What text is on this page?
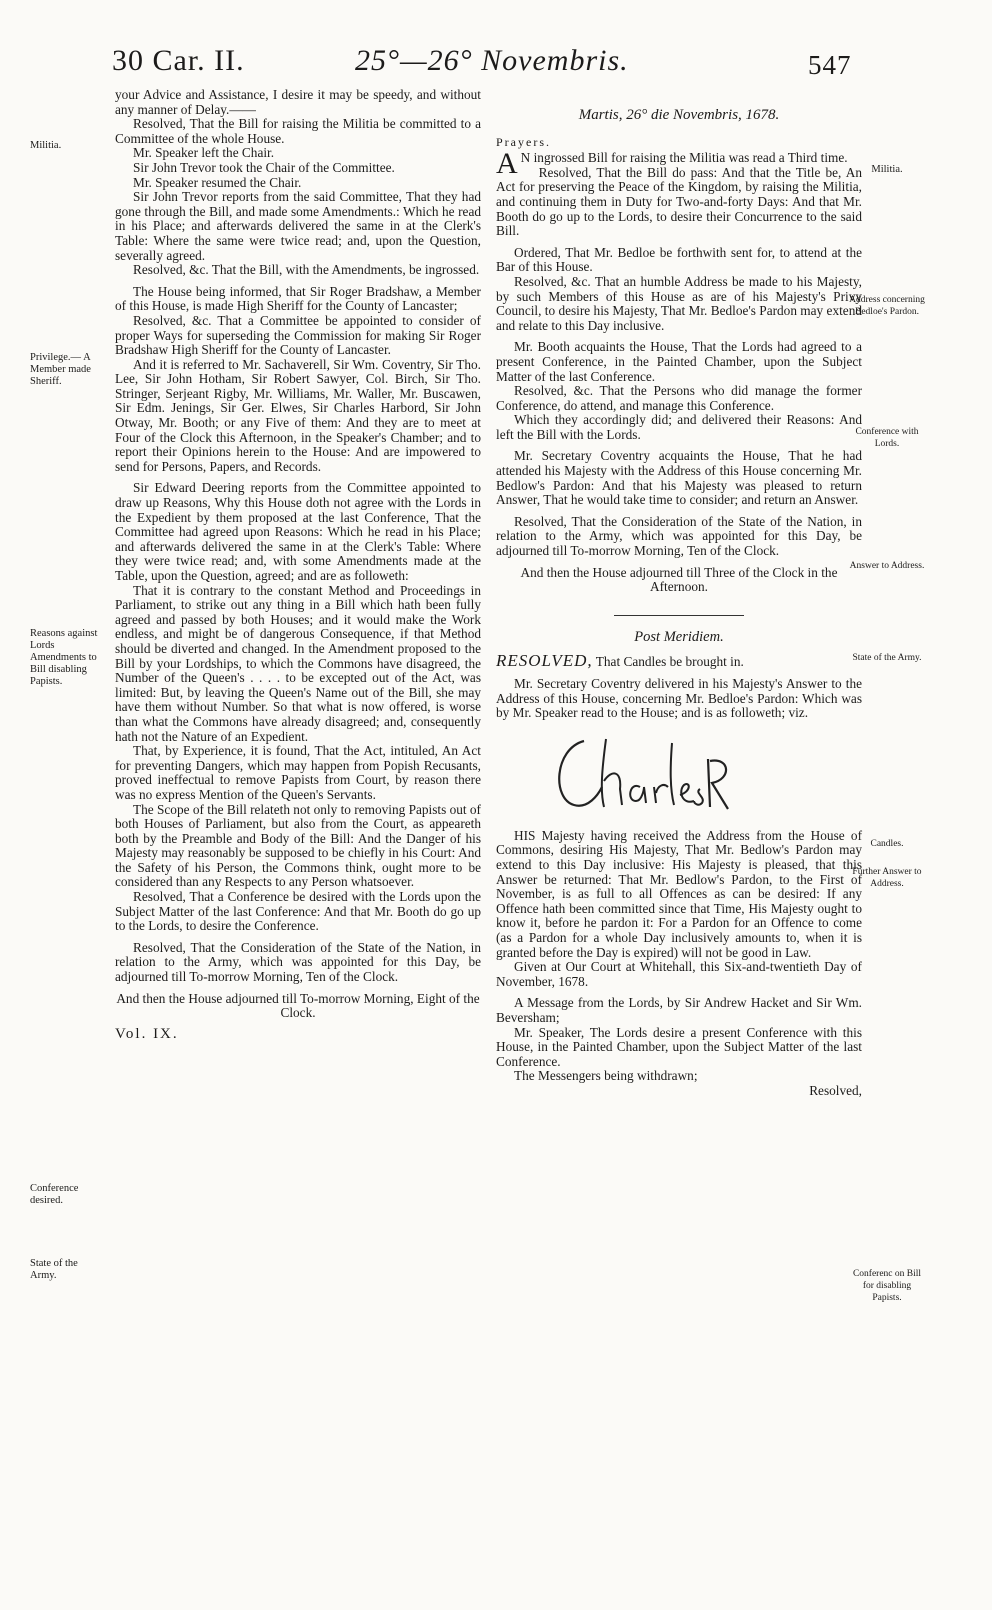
30 Car. II.	25°—26° Novembris.	547
Militia.
Privilege.— A Member made Sheriff.
Reasons against Lords Amendments to Bill disabling Papists.
Conference desired.
State of the Army.
Militia.
Address concerning Bedloe's Pardon.
Conference with Lords.
Answer to Address.
State of the Army.
Candles.
Further Answer to Address.
Conferenc on Bill for disabling Papists.

your Advice and Assistance, I desire it may be speedy, and without any manner of Delay.——

Resolved, That the Bill for raising the Militia be committed to a Committee of the whole House.

Mr. Speaker left the Chair.

Sir John Trevor took the Chair of the Committee.

Mr. Speaker resumed the Chair.

Sir John Trevor reports from the said Committee, That they had gone through the Bill, and made some Amendments.: Which he read in his Place; and afterwards delivered the same in at the Clerk's Table: Where the same were twice read; and, upon the Question, severally agreed.

Resolved, &c. That the Bill, with the Amendments, be ingrossed.

The House being informed, that Sir Roger Bradshaw, a Member of this House, is made High Sheriff for the County of Lancaster;

Resolved, &c. That a Committee be appointed to consider of proper Ways for superseding the Commission for making Sir Roger Bradshaw High Sheriff for the County of Lancaster.

And it is referred to Mr. Sachaverell, Sir Wm. Coventry, Sir Tho. Lee, Sir John Hotham, Sir Robert Sawyer, Col. Birch, Sir Tho. Stringer, Serjeant Rigby, Mr. Williams, Mr. Waller, Mr. Buscawen, Sir Edm. Jenings, Sir Ger. Elwes, Sir Charles Harbord, Sir John Otway, Mr. Booth; or any Five of them: And they are to meet at Four of the Clock this Afternoon, in the Speaker's Chamber; and to report their Opinions herein to the House: And are impowered to send for Persons, Papers, and Records.

Sir Edward Deering reports from the Committee appointed to draw up Reasons, Why this House doth not agree with the Lords in the Expedient by them proposed at the last Conference, That the Committee had agreed upon Reasons: Which he read in his Place; and afterwards delivered the same in at the Clerk's Table: Where they were twice read; and, with some Amendments made at the Table, upon the Question, agreed; and are as followeth:

That it is contrary to the constant Method and Proceedings in Parliament, to strike out any thing in a Bill which hath been fully agreed and passed by both Houses; and it would make the Work endless, and might be of dangerous Consequence, if that Method should be diverted and changed. In the Amendment proposed to the Bill by your Lordships, to which the Commons have disagreed, the Number of the Queen's . . . . to be excepted out of the Act, was limited: But, by leaving the Queen's Name out of the Bill, she may have them without Number. So that what is now offered, is worse than what the Commons have already disagreed; and, consequently hath not the Nature of an Expedient.

That, by Experience, it is found, That the Act, intituled, An Act for preventing Dangers, which may happen from Popish Recusants, proved ineffectual to remove Papists from Court, by reason there was no express Mention of the Queen's Servants.

The Scope of the Bill relateth not only to removing Papists out of both Houses of Parliament, but also from the Court, as appeareth both by the Preamble and Body of the Bill: And the Danger of his Majesty may reasonably be supposed to be chiefly in his Court: And the Safety of his Person, the Commons think, ought more to be considered than any Respects to any Person whatsoever.

Resolved, That a Conference be desired with the Lords upon the Subject Matter of the last Conference: And that Mr. Booth do go up to the Lords, to desire the Conference.

Resolved, That the Consideration of the State of the Nation, in relation to the Army, which was appointed for this Day, be adjourned till To-morrow Morning, Ten of the Clock.

And then the House adjourned till To-morrow Morning, Eight of the Clock.

Vol. IX.
Martis, 26° die Novembris, 1678.
Prayers.

A N ingrossed Bill for raising the Militia was read a Third time.

Resolved, That the Bill do pass: And that the Title be, An Act for preserving the Peace of the Kingdom, by raising the Militia, and continuing them in Duty for Two-and-forty Days: And that Mr. Booth do go up to the Lords, to desire their Concurrence to the said Bill.

Ordered, That Mr. Bedloe be forthwith sent for, to attend at the Bar of this House.

Resolved, &c. That an humble Address be made to his Majesty, by such Members of this House as are of his Majesty's Privy Council, to desire his Majesty, That Mr. Bedloe's Pardon may extend and relate to this Day inclusive.

Mr. Booth acquaints the House, That the Lords had agreed to a present Conference, in the Painted Chamber, upon the Subject Matter of the last Conference.

Resolved, &c. That the Persons who did manage the former Conference, do attend, and manage this Conference.

Which they accordingly did; and delivered their Reasons: And left the Bill with the Lords.

Mr. Secretary Coventry acquaints the House, That he had attended his Majesty with the Address of this House concerning Mr. Bedlow's Pardon: And that his Majesty was pleased to return Answer, That he would take time to consider; and return an Answer.

Resolved, That the Consideration of the State of the Nation, in relation to the Army, which was appointed for this Day, be adjourned till To-morrow Morning, Ten of the Clock.

And then the House adjourned till Three of the Clock in the Afternoon.

Post Meridiem.

RESOLVED, That Candles be brought in.

Mr. Secretary Coventry delivered in his Majesty's Answer to the Address of this House, concerning Mr. Bedloe's Pardon: Which was by Mr. Speaker read to the House; and is as followeth; viz.

HIS Majesty having received the Address from the House of Commons, desiring His Majesty, That Mr. Bedlow's Pardon may extend to this Day inclusive: His Majesty is pleased, that this Answer be returned: That Mr. Bedlow's Pardon, to the First of November, is as full to all Offences as can be desired: If any Offence hath been committed since that Time, His Majesty ought to know it, before he pardon it: For a Pardon for an Offence to come (as a Pardon for a whole Day inclusively amounts to, when it is granted before the Day is expired) will not be good in Law.

Given at Our Court at Whitehall, this Six-and-twentieth Day of November, 1678.

A Message from the Lords, by Sir Andrew Hacket and Sir Wm. Beversham;

Mr. Speaker, The Lords desire a present Conference with this House, in the Painted Chamber, upon the Subject Matter of the last Conference.

The Messengers being withdrawn;

Resolved,
